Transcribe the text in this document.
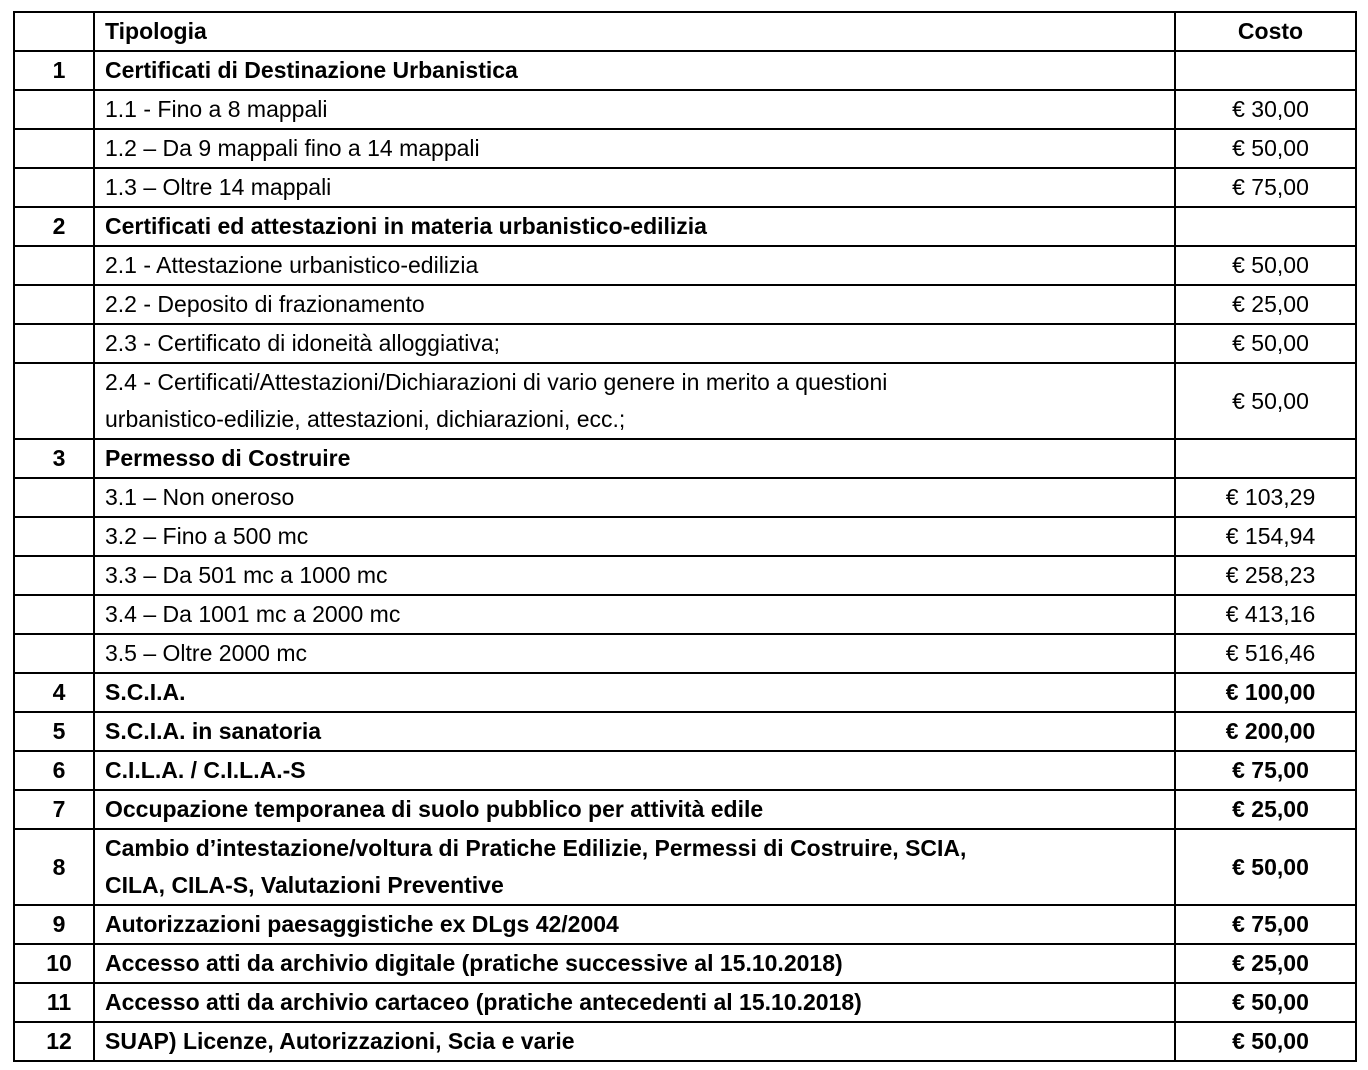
	Tipologia	Costo
1	Certificati di Destinazione Urbanistica	

	1.1 - Fino a 8 mappali	€ 30,00

	1.2 – Da 9 mappali fino a 14 mappali	€ 50,00

	1.3 – Oltre 14 mappali	€ 75,00
2	Certificati ed attestazioni in materia urbanistico-edilizia	

	2.1 - Attestazione urbanistico-edilizia	€ 50,00

	2.2 - Deposito di frazionamento	€ 25,00

	2.3 - Certificato di idoneità alloggiativa;	€ 50,00

	2.4 - Certificati/Attestazioni/Dichiarazioni di vario genere in merito a questioni
urbanistico-edilizie, attestazioni, dichiarazioni, ecc.;	€ 50,00
3	Permesso di Costruire	

	3.1 – Non oneroso	€ 103,29

	3.2 – Fino a 500 mc	€ 154,94

	3.3 – Da 501 mc a 1000 mc	€ 258,23

	3.4 – Da 1001 mc a 2000 mc	€ 413,16

	3.5 – Oltre 2000 mc	€ 516,46
4	S.C.I.A.	€ 100,00
5	S.C.I.A. in sanatoria	€ 200,00
6	C.I.L.A. / C.I.L.A.-S	€ 75,00
7	Occupazione temporanea di suolo pubblico per attività edile	€ 25,00
8	Cambio d’intestazione/voltura di Pratiche Edilizie, Permessi di Costruire, SCIA,
CILA, CILA-S, Valutazioni Preventive	€ 50,00
9	Autorizzazioni paesaggistiche ex DLgs 42/2004	€ 75,00
10	Accesso atti da archivio digitale (pratiche successive al 15.10.2018)	€ 25,00
11	Accesso atti da archivio cartaceo (pratiche antecedenti al 15.10.2018)	€ 50,00
12	SUAP) Licenze, Autorizzazioni, Scia e varie	€ 50,00
